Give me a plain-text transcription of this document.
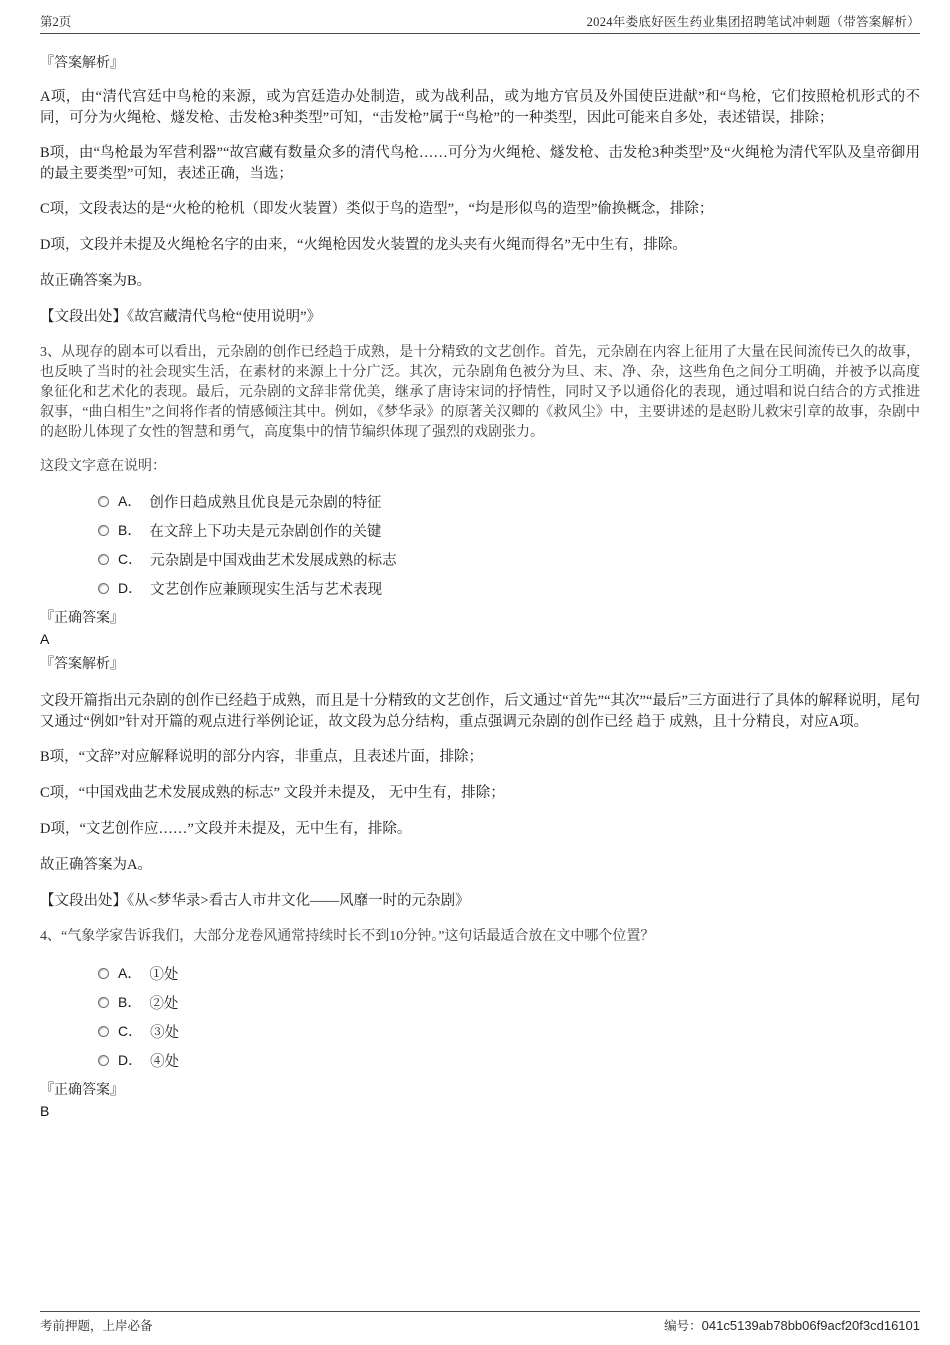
第2页	2024年娄底好医生药业集团招聘笔试冲刺题（带答案解析）
『答案解析』

A项，由“清代宫廷中鸟枪的来源，或为宫廷造办处制造，或为战利品，或为地方官员及外国使臣进献”和“鸟枪，它们按照枪机形式的不同，可分为火绳枪、燧发枪、击发枪3种类型”可知，“击发枪”属于“鸟枪”的一种类型，因此可能来自多处，表述错误，排除；

B项，由“鸟枪最为军营利器”“故宫藏有数量众多的清代鸟枪……可分为火绳枪、燧发枪、击发枪3种类型”及“火绳枪为清代军队及皇帝御用的最主要类型”可知，表述正确，当选；

C项，文段表达的是“火枪的枪机（即发火装置）类似于鸟的造型”，“均是形似鸟的造型”偷换概念，排除；

D项，文段并未提及火绳枪名字的由来，“火绳枪因发火装置的龙头夹有火绳而得名”无中生有，排除。

故正确答案为B。

【文段出处】《故宫藏清代鸟枪“使用说明”》

3、从现存的剧本可以看出，元杂剧的创作已经趋于成熟，是十分精致的文艺创作。首先，元杂剧在内容上征用了大量在民间流传已久的故事，也反映了当时的社会现实生活，在素材的来源上十分广泛。其次，元杂剧角色被分为旦、末、净、杂，这些角色之间分工明确，并被予以高度象征化和艺术化的表现。最后，元杂剧的文辞非常优美，继承了唐诗宋词的抒情性，同时又予以通俗化的表现，通过唱和说白结合的方式推进叙事，“曲白相生”之间将作者的情感倾注其中。例如，《梦华录》的原著关汉卿的《救风尘》中，主要讲述的是赵盼儿救宋引章的故事，杂剧中的赵盼儿体现了女性的智慧和勇气，高度集中的情节编织体现了强烈的戏剧张力。

这段文字意在说明：

A． 创作日趋成熟且优良是元杂剧的特征
B． 在文辞上下功夫是元杂剧创作的关键
C． 元杂剧是中国戏曲艺术发展成熟的标志
D． 文艺创作应兼顾现实生活与艺术表现
『正确答案』
A
『答案解析』

文段开篇指出元杂剧的创作已经趋于成熟，而且是十分精致的文艺创作，后文通过“首先”“其次”“最后”三方面进行了具体的解释说明，尾句又通过“例如”针对开篇的观点进行举例论证，故文段为总分结构，重点强调元杂剧的创作已经 趋于 成熟，且十分精良，对应A项。

B项，“文辞”对应解释说明的部分内容，非重点，且表述片面，排除；

C项，“中国戏曲艺术发展成熟的标志” 文段并未提及， 无中生有，排除；

D项，“文艺创作应……”文段并未提及，无中生有，排除。

故正确答案为A。

【文段出处】《从<梦华录>看古人市井文化——风靡一时的元杂剧》

4、“气象学家告诉我们，大部分龙卷风通常持续时长不到10分钟。”这句话最适合放在文中哪个位置？

A． ①处
B． ②处
C． ③处
D． ④处
『正确答案』
B
考前押题，上岸必备	编号：041c5139ab78bb06f9acf20f3cd16101
